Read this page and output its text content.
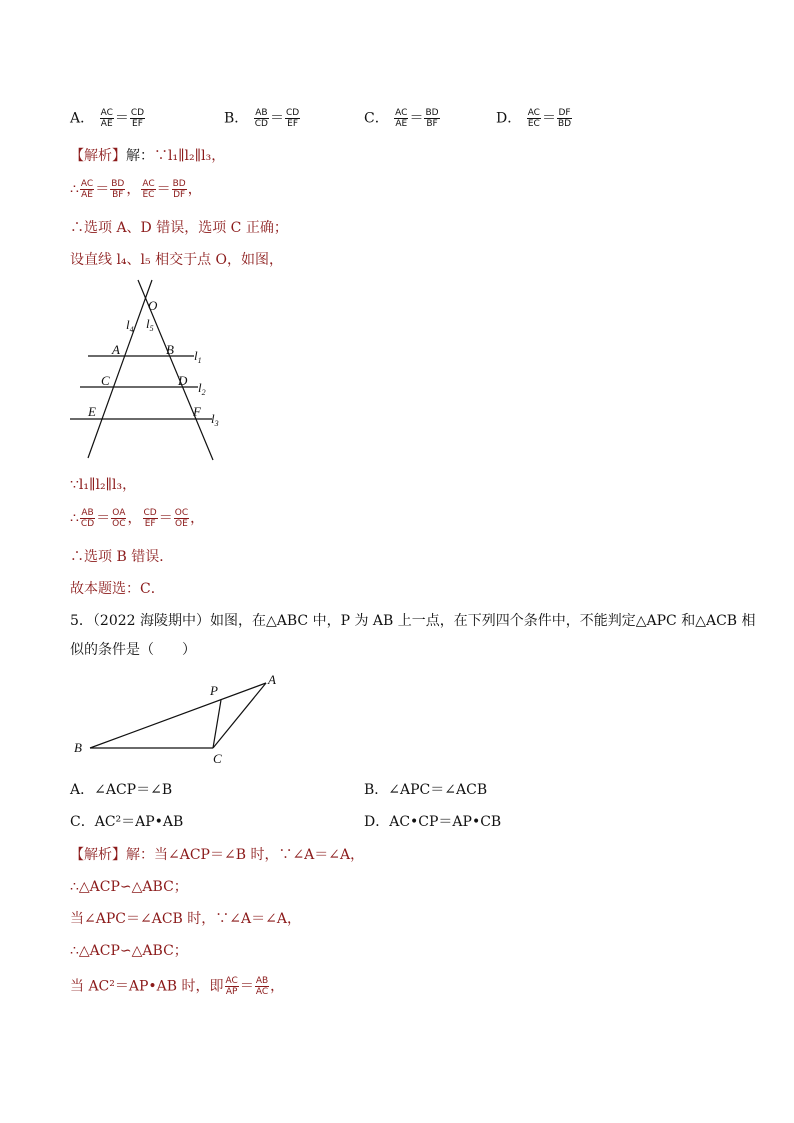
A． $\frac{AC}{AE} = \frac{CD}{EF}$	B． $\frac{AB}{CD} = \frac{CD}{EF}$	C． $\frac{AC}{AE} = \frac{BD}{BF}$	D． $\frac{AC}{EC} = \frac{DF}{BD}$
【解析】解：∵l₁∥l₂∥l₃，
∴ $\frac{AC}{AE} = \frac{BD}{BF}$ ， $\frac{AC}{EC} = \frac{BD}{DF}$ ，
∴选项 A、D 错误，选项 C 正确；
设直线 l₄、l₅ 相交于点 O，如图，
O
$l_4$ $l_5$
A	B $l_1$
C	D $l_2$
E	F $l_3$
∵l₁∥l₂∥l₃，
∴ $\frac{AB}{CD} = \frac{OA}{OC}$ ， $\frac{CD}{EF} = \frac{OC}{OE}$ ，
∴选项 B 错误．
故本题选：C．
5．（2022 海陵期中）如图，在△ABC 中，P 为 AB 上一点，在下列四个条件中，不能判定△APC 和△ACB 相
似的条件是（　　）
P
A
B
C
A．∠ACP＝∠B	B．∠APC＝∠ACB
C．AC²＝AP•AB	D．AC•CP＝AP•CB
【解析】解：当∠ACP＝∠B 时，∵∠A＝∠A，
∴△ACP∽△ABC；
当∠APC＝∠ACB 时，∵∠A＝∠A，
∴△ACP∽△ABC；
当 AC²＝AP•AB 时，即 $\frac{AC}{AP} = \frac{AB}{AC}$ ，
